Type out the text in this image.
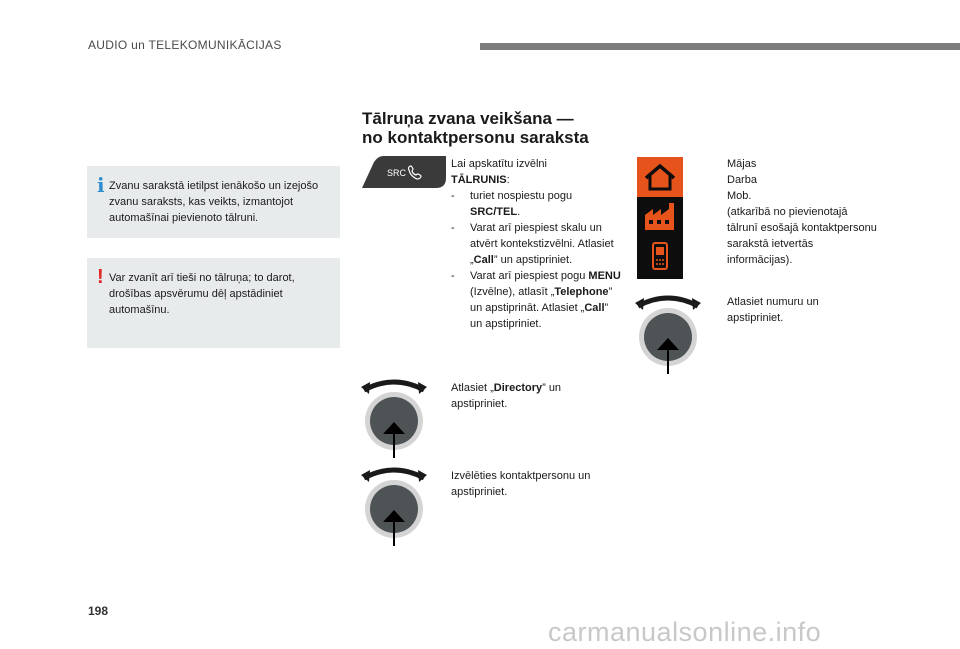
AUDIO un TELEKOMUNIKĀCIJAS
i Zvanu sarakstā ietilpst ienākošo un izejošo zvanu saraksts, kas veikts, izmantojot automašīnai pievienoto tālruni.
! Var zvanīt arī tieši no tālruņa; to darot, drošības apsvērumu dēļ apstādiniet automašīnu.
Tālruņa zvana veikšana —
no kontaktpersonu saraksta
SRC
Lai apskatītu izvēlni
TĀLRUNIS:
- turiet nospiestu pogu
SRC/TEL.
- Varat arī piespiest skalu un atvērt kontekstizvēlni. Atlasiet „Call” un apstipriniet.
- Varat arī piespiest pogu MENU (Izvēlne), atlasīt „Telephone” un apstiprināt. Atlasiet „Call” un apstipriniet.
Atlasiet „Directory” un apstipriniet.
Izvēlēties kontaktpersonu un apstipriniet.
Mājas
Darba
Mob.
(atkarībā no pievienotajā tālrunī esošajā kontaktpersonu sarakstā ietvertās informācijas).
Atlasiet numuru un apstipriniet.
198
carmanualsonline.info
